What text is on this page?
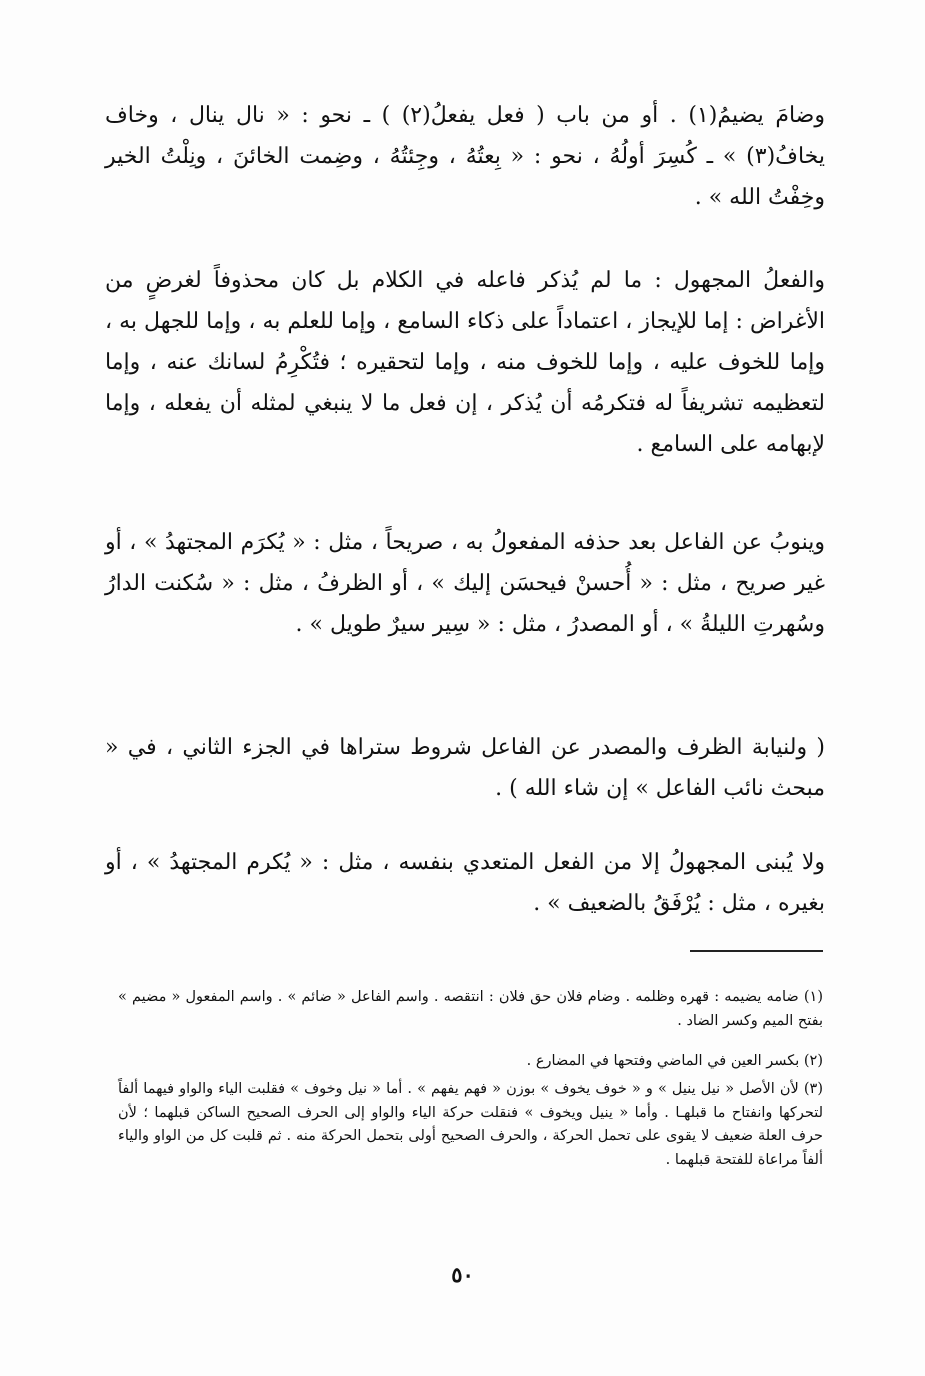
وضامَ يضيمُ(١) . أو من باب ( فعل يفعلُ(٢) ) ـ نحو : « نال ينال ، وخاف يخافُ(٣) » ـ كُسِرَ أولُهُ ، نحو : « بِعتُهُ ، وجِئتُهُ ، وضِمت الخائنَ ، ونِلْتُ الخير وخِفْتُ الله » .

والفعلُ المجهول : ما لم يُذكر فاعله في الكلام بل كان محذوفاً لغرضٍ من الأغراض : إما للإيجاز ، اعتماداً على ذكاء السامع ، وإما للعلم به ، وإما للجهل به ، وإما للخوف عليه ، وإما للخوف منه ، وإما لتحقيره ؛ فتُكْرِمُ لسانك عنه ، وإما لتعظيمه تشريفاً له فتكرمُه أن يُذكر ، إن فعل ما لا ينبغي لمثله أن يفعله ، وإما لإبهامه على السامع .

وينوبُ عن الفاعل بعد حذفه المفعولُ به ، صريحاً ، مثل : « يُكرَم المجتهدُ » ، أو غير صريح ، مثل : « أُحسنْ فيحسَن إليك » ، أو الظرفُ ، مثل : « سُكنت الدارُ وسُهرتِ الليلةُ » ، أو المصدرُ ، مثل : « سِير سيرٌ طويل » .

( ولنيابة الظرف والمصدر عن الفاعل شروط ستراها في الجزء الثاني ، في « مبحث نائب الفاعل » إن شاء الله ) .

ولا يُبنى المجهولُ إلا من الفعل المتعدي بنفسه ، مثل : « يُكرم المجتهدُ » ، أو بغيره ، مثل : يُرْفَقُ بالضعيف » .

(١) ضامه يضيمه : قهره وظلمه . وضام فلان حق فلان : انتقصه . واسم الفاعل « ضائم » . واسم المفعول « مضيم » بفتح الميم وكسر الضاد .

(٢) بكسر العين في الماضي وفتحها في المضارع .

(٣) لأن الأصل « نيل ينيل » و « خوف يخوف » بوزن « فهم يفهم » . أما « نيل وخوف » فقلبت الياء والواو فيهما ألفاً لتحركها وانفتاح ما قبلهـا . وأما « ينيل ويخوف » فنقلت حركة الياء والواو إلى الحرف الصحيح الساكن قبلهما ؛ لأن حرف العلة ضعيف لا يقوى على تحمل الحركة ، والحرف الصحيح أولى بتحمل الحركة منه . ثم قلبت كل من الواو والياء ألفاً مراعاة للفتحة قبلهما .

٥٠
